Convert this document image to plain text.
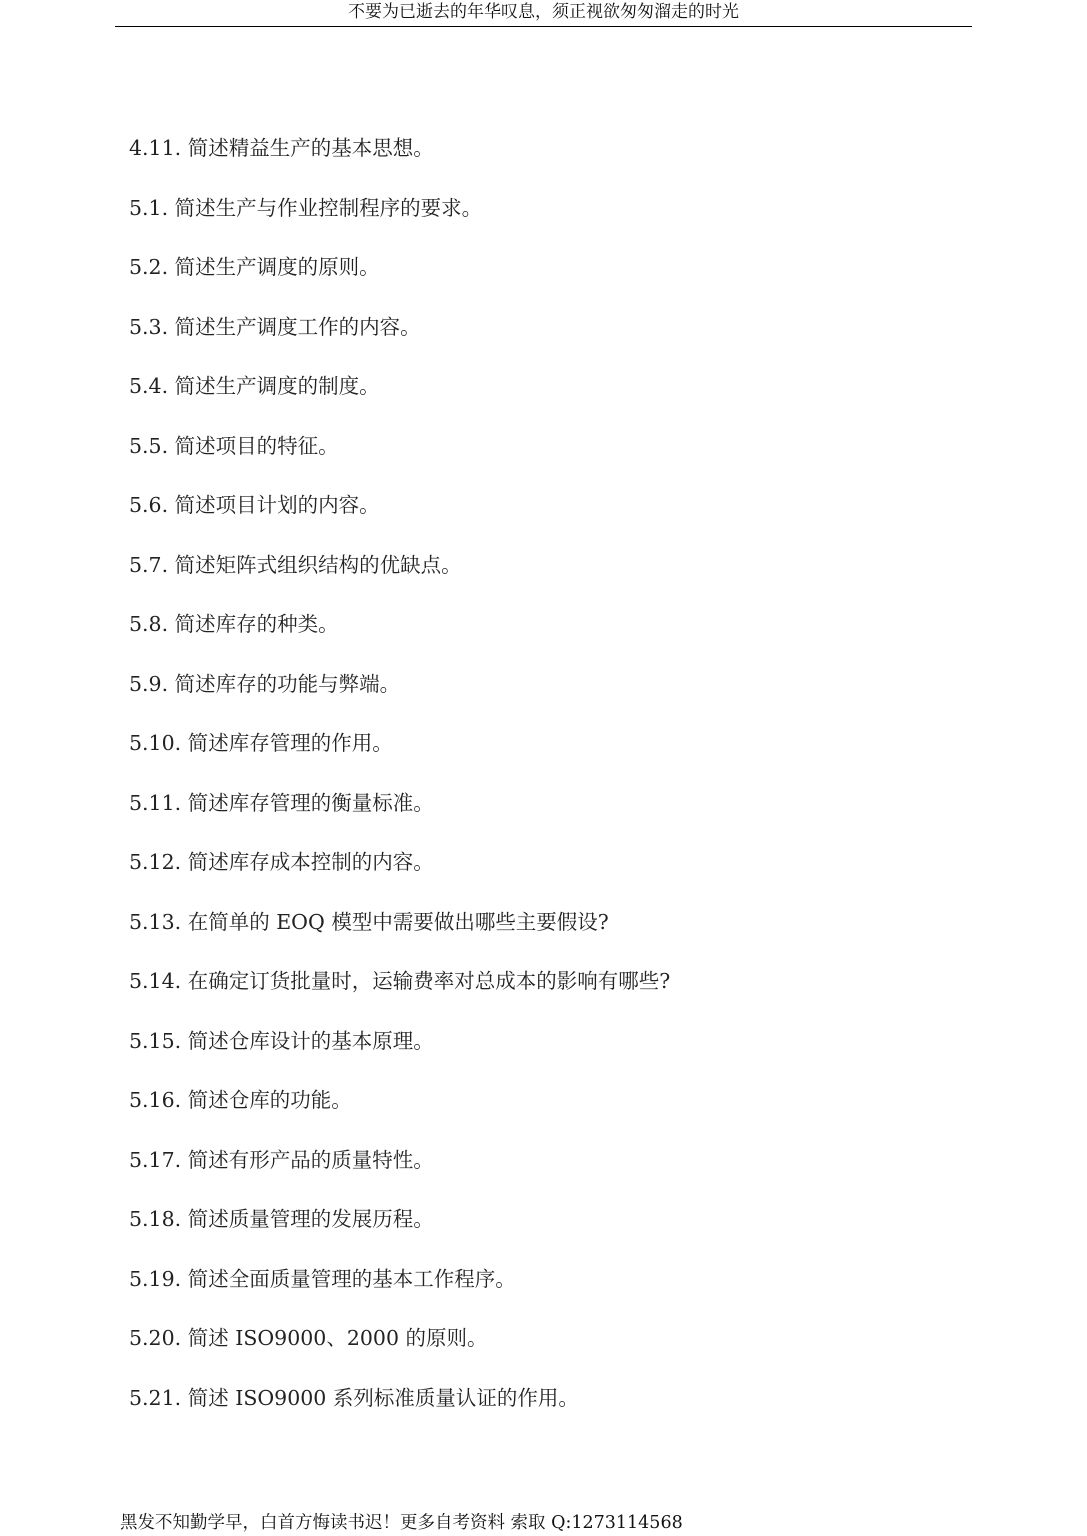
不要为已逝去的年华叹息，须正视欲匆匆溜走的时光
4.11. 简述精益生产的基本思想。
5.1. 简述生产与作业控制程序的要求。
5.2. 简述生产调度的原则。
5.3. 简述生产调度工作的内容。
5.4. 简述生产调度的制度。
5.5. 简述项目的特征。
5.6. 简述项目计划的内容。
5.7. 简述矩阵式组织结构的优缺点。
5.8. 简述库存的种类。
5.9. 简述库存的功能与弊端。
5.10. 简述库存管理的作用。
5.11. 简述库存管理的衡量标准。
5.12. 简述库存成本控制的内容。
5.13. 在简单的 EOQ 模型中需要做出哪些主要假设?
5.14. 在确定订货批量时，运输费率对总成本的影响有哪些?
5.15. 简述仓库设计的基本原理。
5.16. 简述仓库的功能。
5.17. 简述有形产品的质量特性。
5.18. 简述质量管理的发展历程。
5.19. 简述全面质量管理的基本工作程序。
5.20. 简述 ISO9000、2000 的原则。
5.21. 简述 ISO9000 系列标准质量认证的作用。
黑发不知勤学早，白首方悔读书迟！更多自考资料 索取 Q:1273114568
